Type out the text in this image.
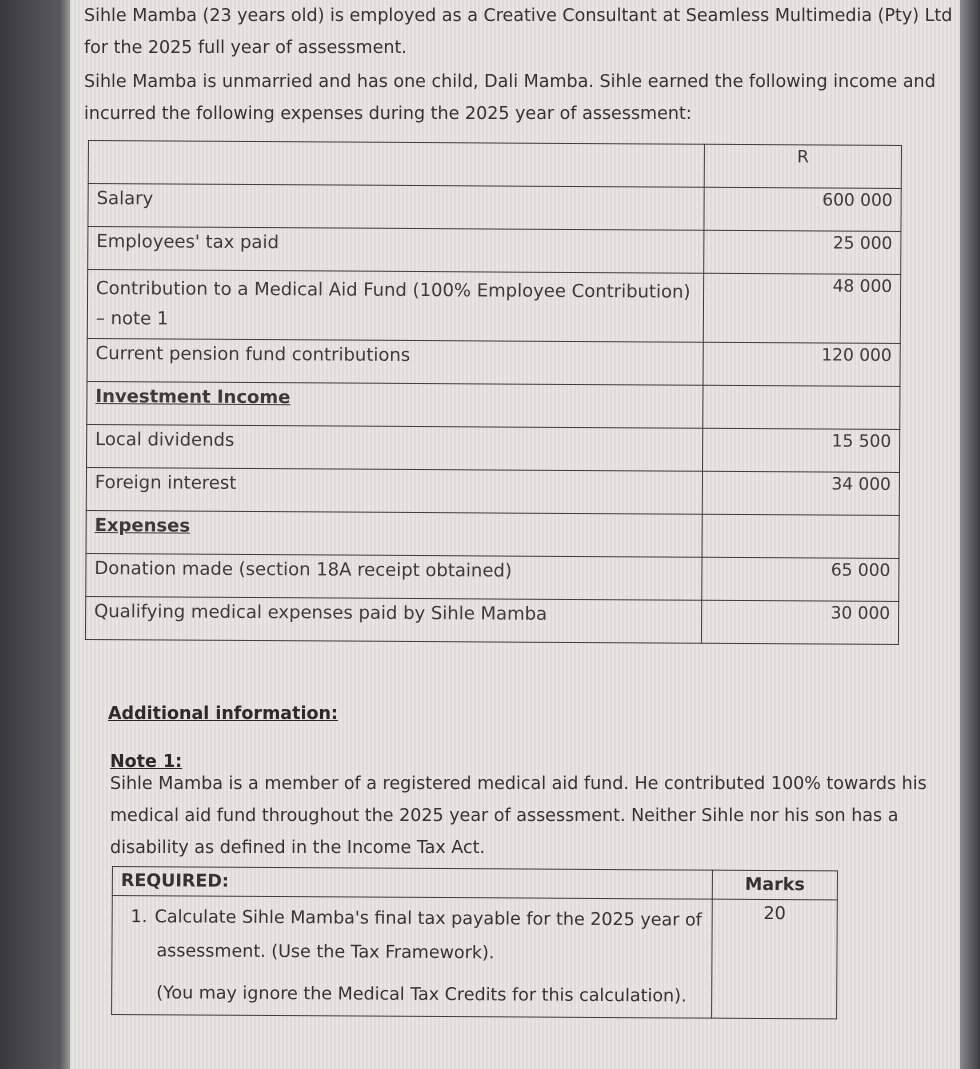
Sihle Mamba (23 years old) is employed as a Creative Consultant at Seamless Multimedia (Pty) Ltd for the 2025 full year of assessment.
Sihle Mamba is unmarried and has one child, Dali Mamba. Sihle earned the following income and incurred the following expenses during the 2025 year of assessment:
	R
Salary	600 000
Employees' tax paid	25 000
Contribution to a Medical Aid Fund (100% Employee Contribution) – note 1	48 000
Current pension fund contributions	120 000
Investment Income	
Local dividends	15 500
Foreign interest	34 000
Expenses	
Donation made (section 18A receipt obtained)	65 000
Qualifying medical expenses paid by Sihle Mamba	30 000
Additional information:
Note 1:
Sihle Mamba is a member of a registered medical aid fund. He contributed 100% towards his medical aid fund throughout the 2025 year of assessment. Neither Sihle nor his son has a disability as defined in the Income Tax Act.
REQUIRED:	Marks

1. Calculate Sihle Mamba's final tax payable for the 2025 year of assessment. (Use the Tax Framework).
(You may ignore the Medical Tax Credits for this calculation).	20
